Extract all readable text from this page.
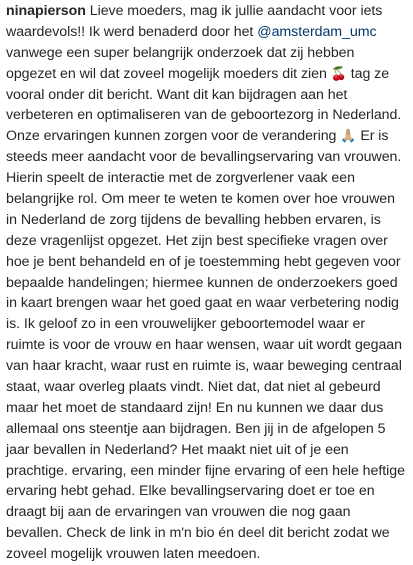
ninapierson Lieve moeders, mag ik jullie aandacht voor iets
waardevols!! Ik werd benaderd door het @amsterdam_umc
vanwege een super belangrijk onderzoek dat zij hebben
opgezet en wil dat zoveel mogelijk moeders dit zien 🍒 tag ze
vooral onder dit bericht. Want dit kan bijdragen aan het
verbeteren en optimaliseren van de geboortezorg in Nederland.
Onze ervaringen kunnen zorgen voor de verandering 🙏🏼 Er is
steeds meer aandacht voor de bevallingservaring van vrouwen.
Hierin speelt de interactie met de zorgverlener vaak een
belangrijke rol. Om meer te weten te komen over hoe vrouwen
in Nederland de zorg tijdens de bevalling hebben ervaren, is
deze vragenlijst opgezet. Het zijn best specifieke vragen over
hoe je bent behandeld en of je toestemming hebt gegeven voor
bepaalde handelingen; hiermee kunnen de onderzoekers goed
in kaart brengen waar het goed gaat en waar verbetering nodig
is. Ik geloof zo in een vrouwelijker geboortemodel waar er
ruimte is voor de vrouw en haar wensen, waar uit wordt gegaan
van haar kracht, waar rust en ruimte is, waar beweging centraal
staat, waar overleg plaats vindt. Niet dat, dat niet al gebeurd
maar het moet de standaard zijn! En nu kunnen we daar dus
allemaal ons steentje aan bijdragen. Ben jij in de afgelopen 5
jaar bevallen in Nederland? Het maakt niet uit of je een
prachtige. ervaring, een minder fijne ervaring of een hele heftige
ervaring hebt gehad. Elke bevallingservaring doet er toe en
draagt bij aan de ervaringen van vrouwen die nog gaan
bevallen. Check de link in m'n bio én deel dit bericht zodat we
zoveel mogelijk vrouwen laten meedoen.
